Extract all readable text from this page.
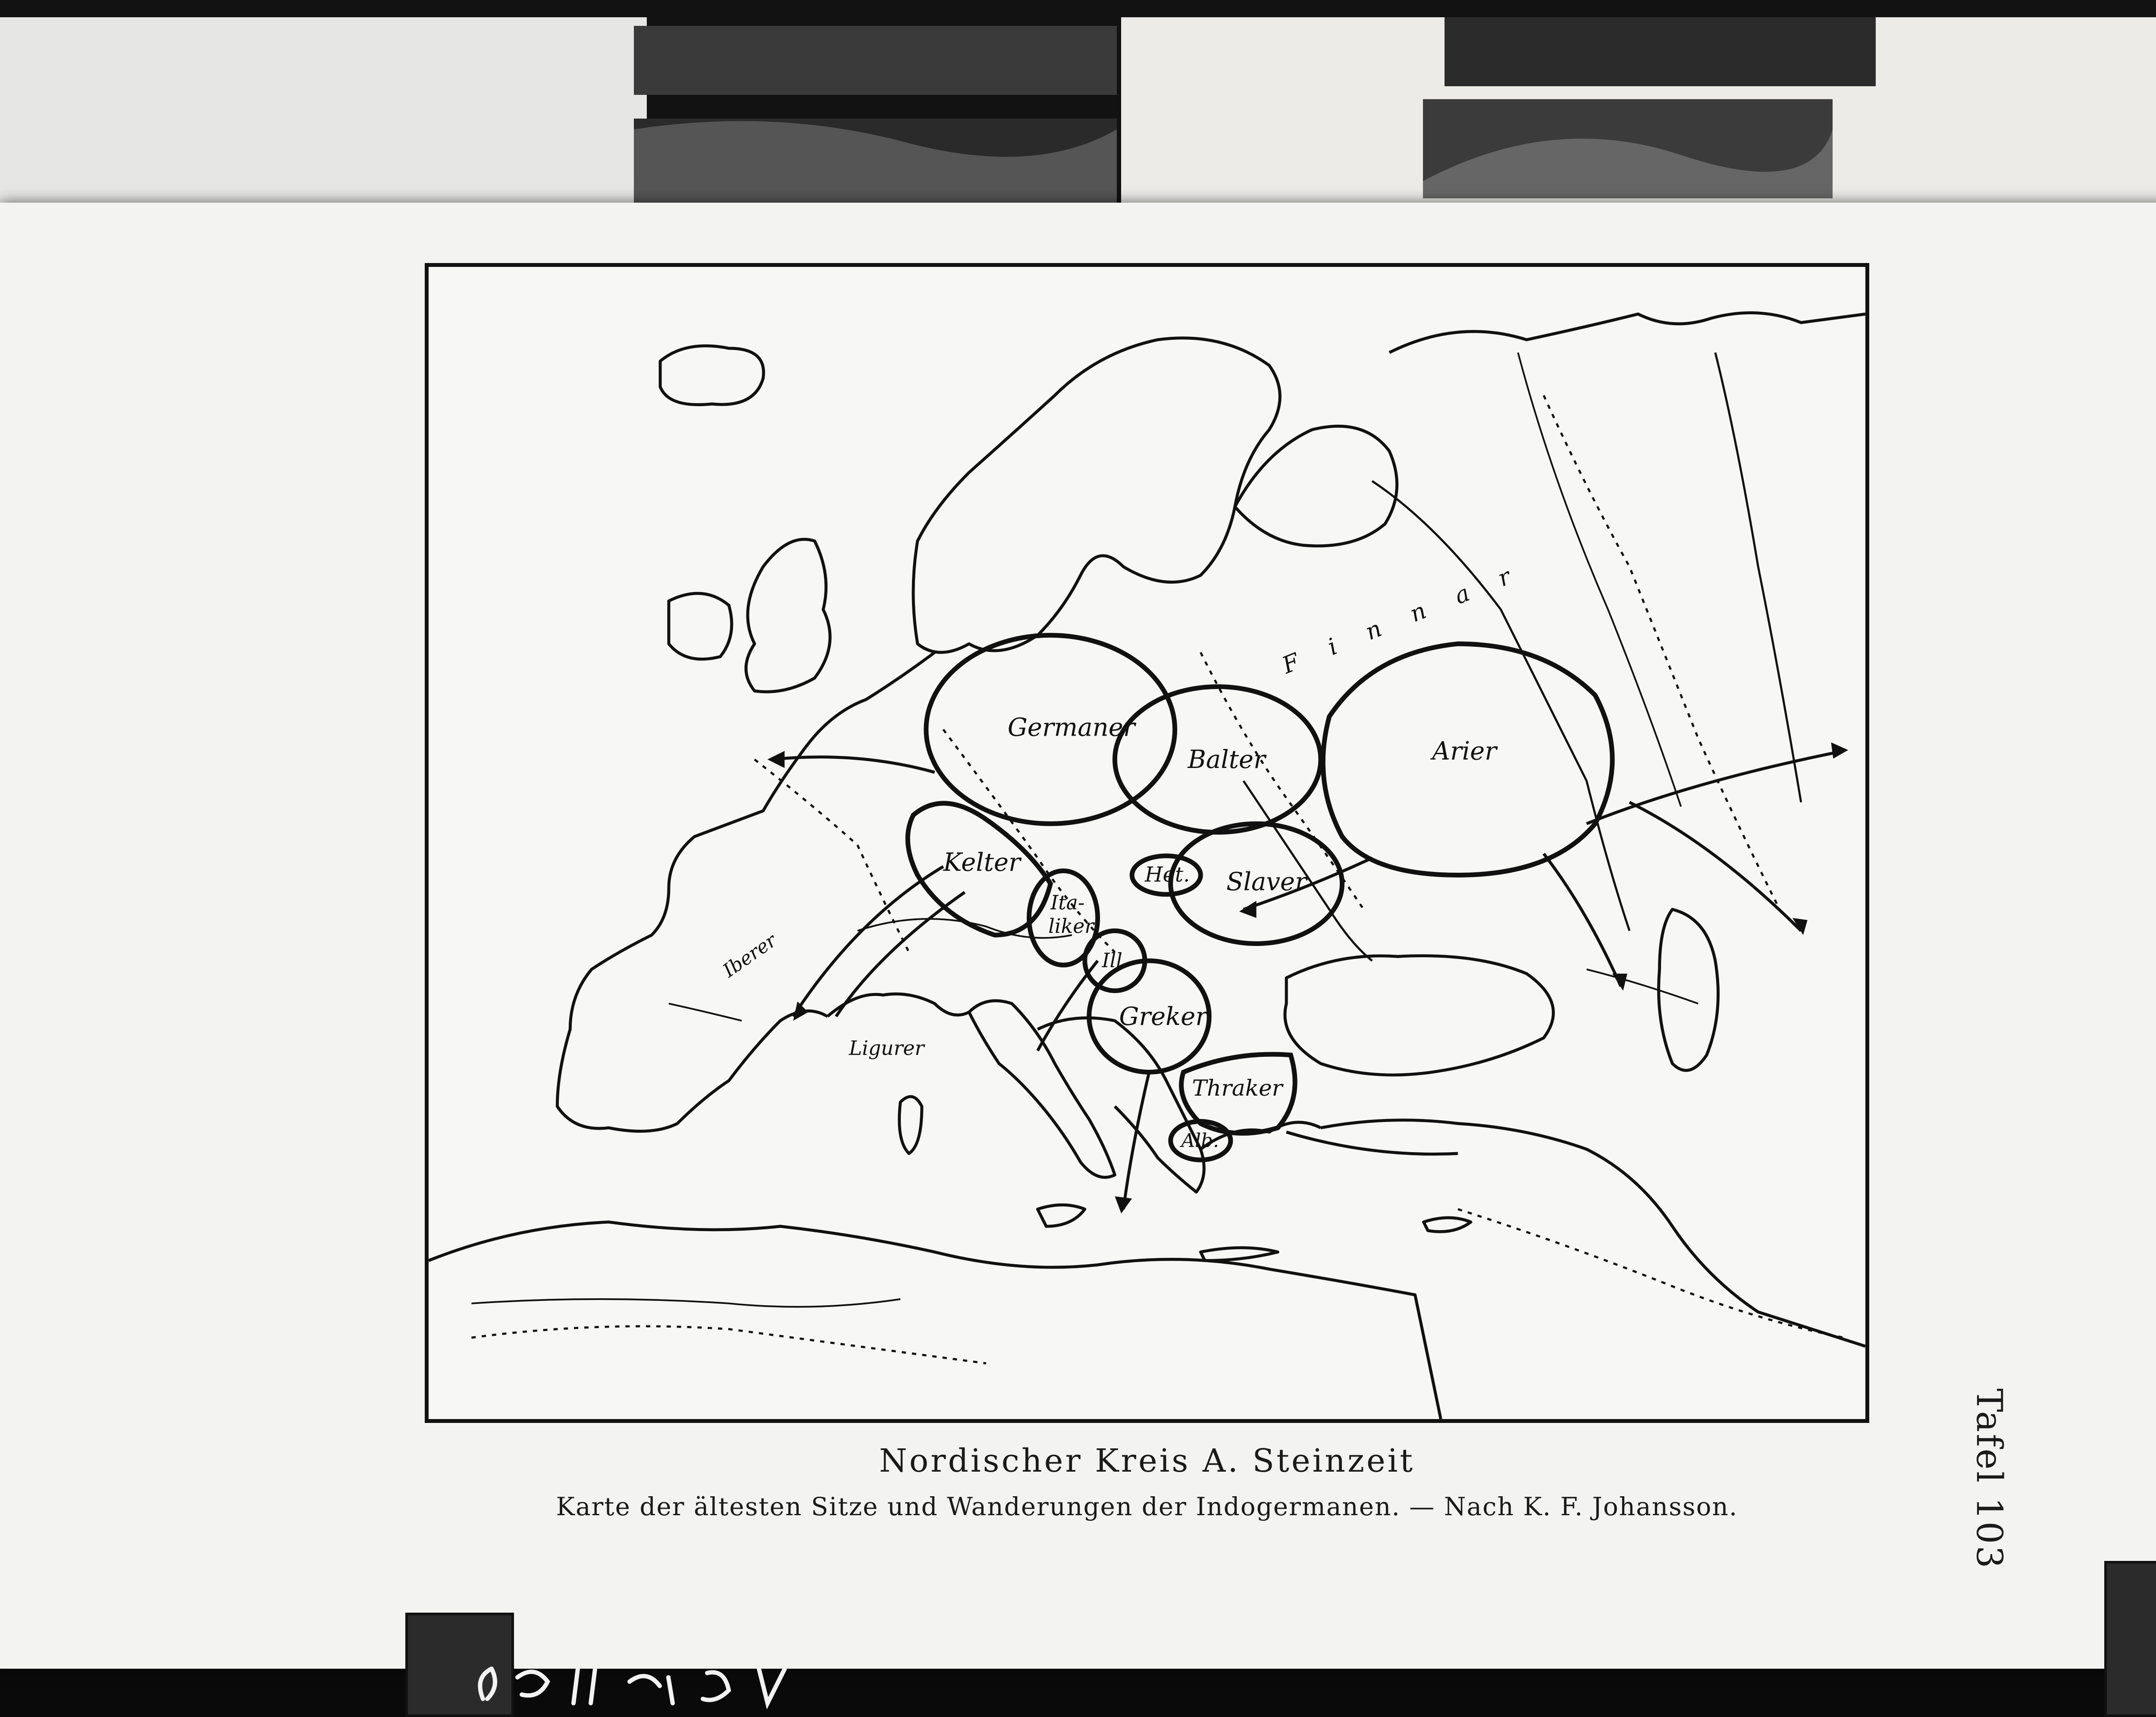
Germaner
Balter	Arier
Kelter
Slaver
Het.
Ita-
liker
Ill.
Greker
Ligurer
Thraker
Alb.
Iberer
F i n n a r
Nordischer Kreis A. Steinzeit
Karte der ältesten Sitze und Wanderungen der Indogermanen. — Nach K. F. Johansson.	Tafel 103
